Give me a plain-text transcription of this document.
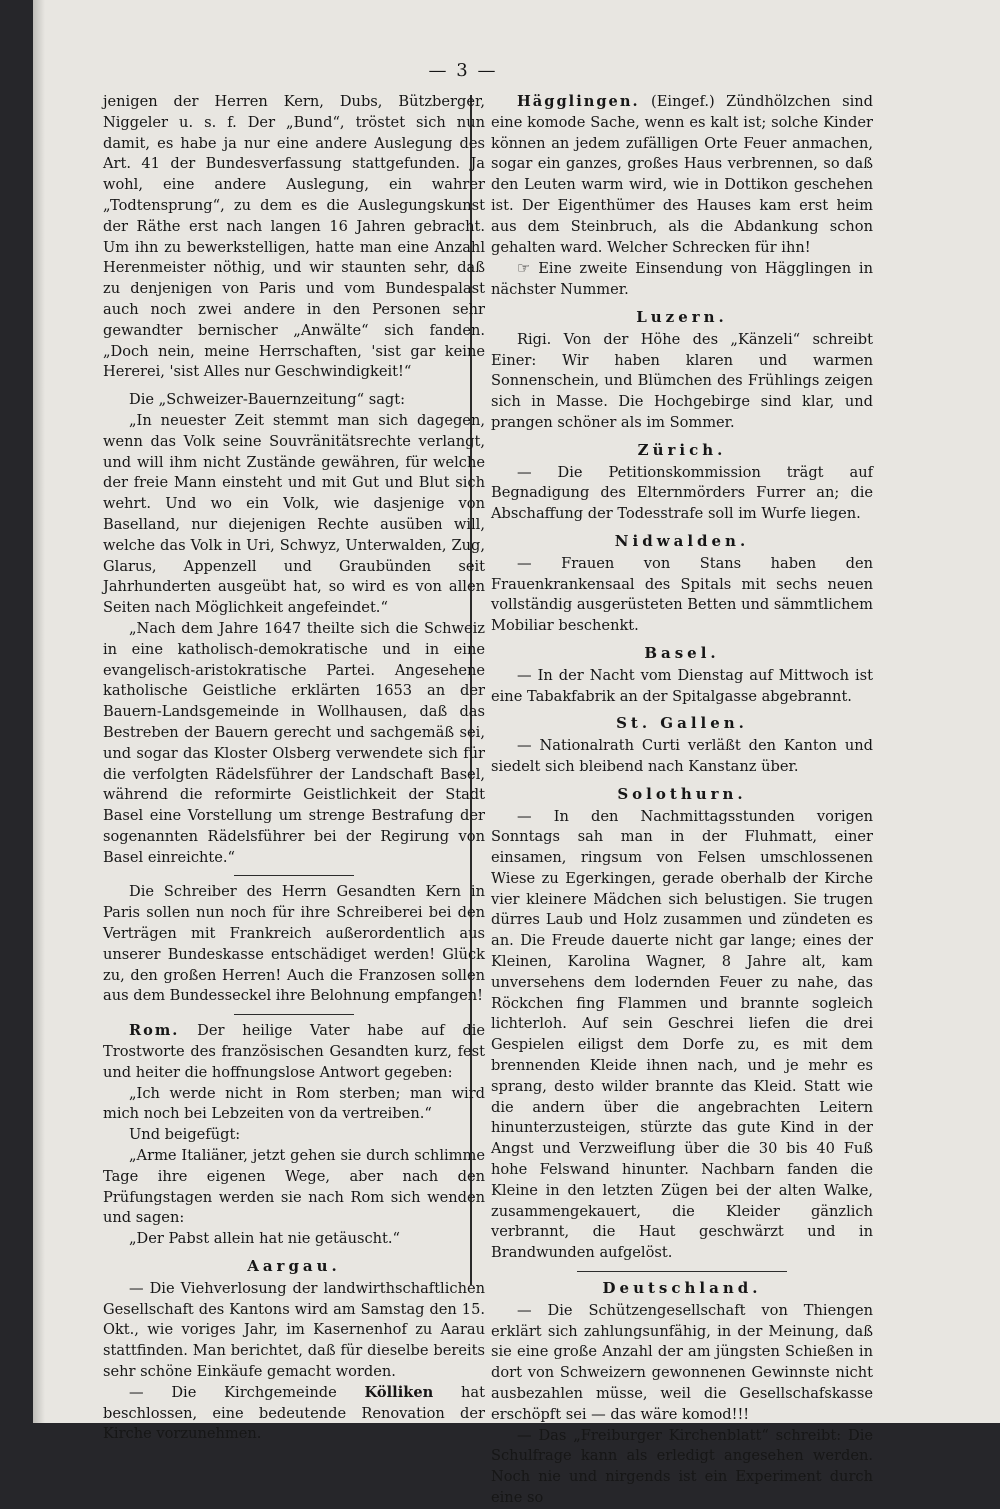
— 3 —

jenigen der Herren Kern, Dubs, Bützberger, Niggeler u. s. f. Der „Bund“, tröstet sich nun damit, es habe ja nur eine andere Auslegung des Art. 41 der Bundesverfassung stattgefunden. Ja wohl, eine andere Auslegung, ein wahrer „Todtensprung“, zu dem es die Auslegungskunst der Räthe erst nach langen 16 Jahren gebracht. Um ihn zu bewerkstelligen, hatte man eine Anzahl Herenmeister nöthig, und wir staunten sehr, daß zu denjenigen von Paris und vom Bundespalast auch noch zwei andere in den Personen sehr gewandter bernischer „Anwälte“ sich fanden. „Doch nein, meine Herrschaften, 'sist gar keine Hererei, 'sist Alles nur Geschwindigkeit!“

Die „Schweizer-Bauernzeitung“ sagt:

„In neuester Zeit stemmt man sich dagegen, wenn das Volk seine Souvränitätsrechte verlangt, und will ihm nicht Zustände gewähren, für welche der freie Mann einsteht und mit Gut und Blut sich wehrt. Und wo ein Volk, wie dasjenige von Baselland, nur diejenigen Rechte ausüben will, welche das Volk in Uri, Schwyz, Unterwalden, Zug, Glarus, Appenzell und Graubünden seit Jahrhunderten ausgeübt hat, so wird es von allen Seiten nach Möglichkeit angefeindet.“

„Nach dem Jahre 1647 theilte sich die Schweiz in eine katholisch-demokratische und in eine evangelisch-aristokratische Partei. Angesehene katholische Geistliche erklärten 1653 an der Bauern-Landsgemeinde in Wollhausen, daß das Bestreben der Bauern gerecht und sachgemäß sei, und sogar das Kloster Olsberg verwendete sich für die verfolgten Rädelsführer der Landschaft Basel, während die reformirte Geistlichkeit der Stadt Basel eine Vorstellung um strenge Bestrafung der sogenannten Rädelsführer bei der Regirung von Basel einreichte.“

Die Schreiber des Herrn Gesandten Kern in Paris sollen nun noch für ihre Schreiberei bei den Verträgen mit Frankreich außerordentlich aus unserer Bundeskasse entschädiget werden! Glück zu, den großen Herren! Auch die Franzosen sollen aus dem Bundesseckel ihre Belohnung empfangen!

Rom. Der heilige Vater habe auf die Trostworte des französischen Gesandten kurz, fest und heiter die hoffnungslose Antwort gegeben:

„Ich werde nicht in Rom sterben; man wird mich noch bei Lebzeiten von da vertreiben.“

Und beigefügt:

„Arme Italiäner, jetzt gehen sie durch schlimme Tage ihre eigenen Wege, aber nach den Prüfungstagen werden sie nach Rom sich wenden und sagen:

„Der Pabst allein hat nie getäuscht.“

Aargau.

— Die Viehverlosung der landwirthschaftlichen Gesellschaft des Kantons wird am Samstag den 15. Okt., wie voriges Jahr, im Kasernenhof zu Aarau stattfinden. Man berichtet, daß für dieselbe bereits sehr schöne Einkäufe gemacht worden.

— Die Kirchgemeinde Kölliken hat beschlossen, eine bedeutende Renovation der Kirche vorzunehmen.

Hägglingen. (Eingef.) Zündhölzchen sind eine komode Sache, wenn es kalt ist; solche Kinder können an jedem zufälligen Orte Feuer anmachen, sogar ein ganzes, großes Haus verbrennen, so daß den Leuten warm wird, wie in Dottikon geschehen ist. Der Eigenthümer des Hauses kam erst heim aus dem Steinbruch, als die Abdankung schon gehalten ward. Welcher Schrecken für ihn!

☞ Eine zweite Einsendung von Hägglingen in nächster Nummer.

Luzern.

Rigi. Von der Höhe des „Känzeli“ schreibt Einer: Wir haben klaren und warmen Sonnenschein, und Blümchen des Frühlings zeigen sich in Masse. Die Hochgebirge sind klar, und prangen schöner als im Sommer.

Zürich.

— Die Petitionskommission trägt auf Begnadigung des Elternmörders Furrer an; die Abschaffung der Todesstrafe soll im Wurfe liegen.

Nidwalden.

— Frauen von Stans haben den Frauenkrankensaal des Spitals mit sechs neuen vollständig ausgerüsteten Betten und sämmtlichem Mobiliar beschenkt.

Basel.

— In der Nacht vom Dienstag auf Mittwoch ist eine Tabakfabrik an der Spitalgasse abgebrannt.

St. Gallen.

— Nationalrath Curti verläßt den Kanton und siedelt sich bleibend nach Kanstanz über.

Solothurn.

— In den Nachmittagsstunden vorigen Sonntags sah man in der Fluhmatt, einer einsamen, ringsum von Felsen umschlossenen Wiese zu Egerkingen, gerade oberhalb der Kirche vier kleinere Mädchen sich belustigen. Sie trugen dürres Laub und Holz zusammen und zündeten es an. Die Freude dauerte nicht gar lange; eines der Kleinen, Karolina Wagner, 8 Jahre alt, kam unversehens dem lodernden Feuer zu nahe, das Röckchen fing Flammen und brannte sogleich lichterloh. Auf sein Geschrei liefen die drei Gespielen eiligst dem Dorfe zu, es mit dem brennenden Kleide ihnen nach, und je mehr es sprang, desto wilder brannte das Kleid. Statt wie die andern über die angebrachten Leitern hinunterzusteigen, stürzte das gute Kind in der Angst und Verzweiflung über die 30 bis 40 Fuß hohe Felswand hinunter. Nachbarn fanden die Kleine in den letzten Zügen bei der alten Walke, zusammengekauert, die Kleider gänzlich verbrannt, die Haut geschwärzt und in Brandwunden aufgelöst.

Deutschland.

— Die Schützengesellschaft von Thiengen erklärt sich zahlungsunfähig, in der Meinung, daß sie eine große Anzahl der am jüngsten Schießen in dort von Schweizern gewonnenen Gewinnste nicht ausbezahlen müsse, weil die Gesellschafskasse erschöpft sei — das wäre komod!!!

— Das „Freiburger Kirchenblatt“ schreibt: Die Schulfrage kann als erledigt angesehen werden. Noch nie und nirgends ist ein Experiment durch eine so
